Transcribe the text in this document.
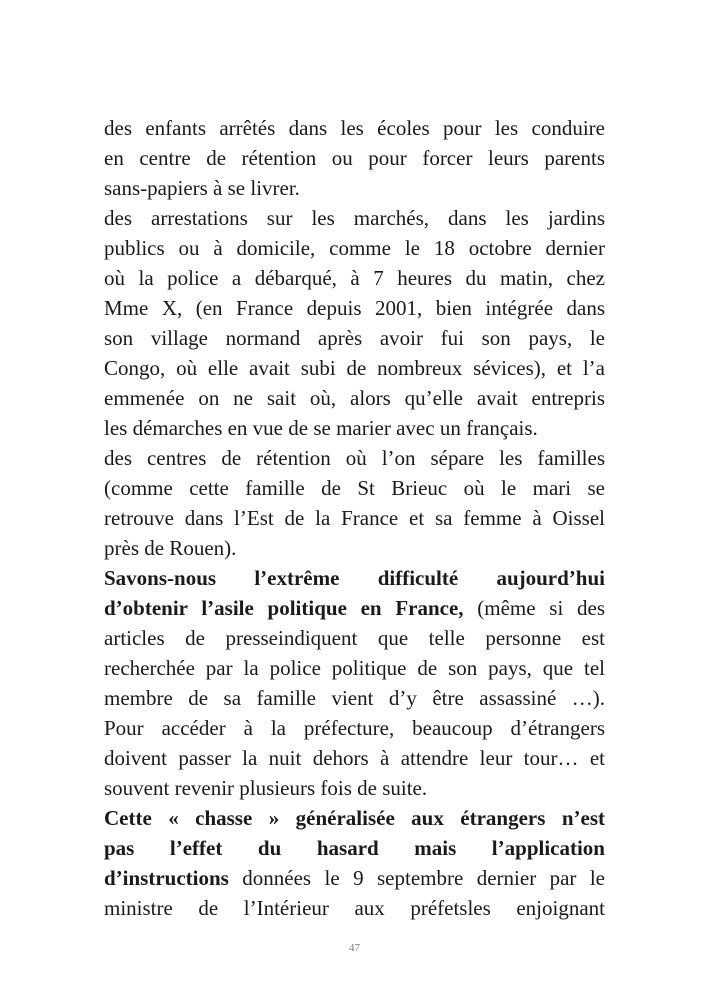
des enfants arrêtés dans les écoles pour les conduire
en centre de rétention ou pour forcer leurs parents
sans-papiers à se livrer.
des arrestations sur les marchés, dans les jardins
publics ou à domicile, comme le 18 octobre dernier
où la police a débarqué, à 7 heures du matin, chez
Mme X, (en France depuis 2001, bien intégrée dans
son village normand après avoir fui son pays, le
Congo, où elle avait subi de nombreux sévices), et l’a
emmenée on ne sait où, alors qu’elle avait entrepris
les démarches en vue de se marier avec un français.
des centres de rétention où l’on sépare les familles
(comme cette famille de St Brieuc où le mari se
retrouve dans l’Est de la France et sa femme à Oissel
près de Rouen).
Savons-nous l’extrême difficulté aujourd’hui
d’obtenir l’asile politique en France, (même si des
articles de presseindiquent que telle personne est
recherchée par la police politique de son pays, que tel
membre de sa famille vient d’y être assassiné …).
Pour accéder à la préfecture, beaucoup d’étrangers
doivent passer la nuit dehors à attendre leur tour… et
souvent revenir plusieurs fois de suite.
Cette « chasse » généralisée aux étrangers n’est
pas l’effet du hasard mais l’application
d’instructions données le 9 septembre dernier par le
ministre de l’Intérieur aux préfetsles enjoignant
47
